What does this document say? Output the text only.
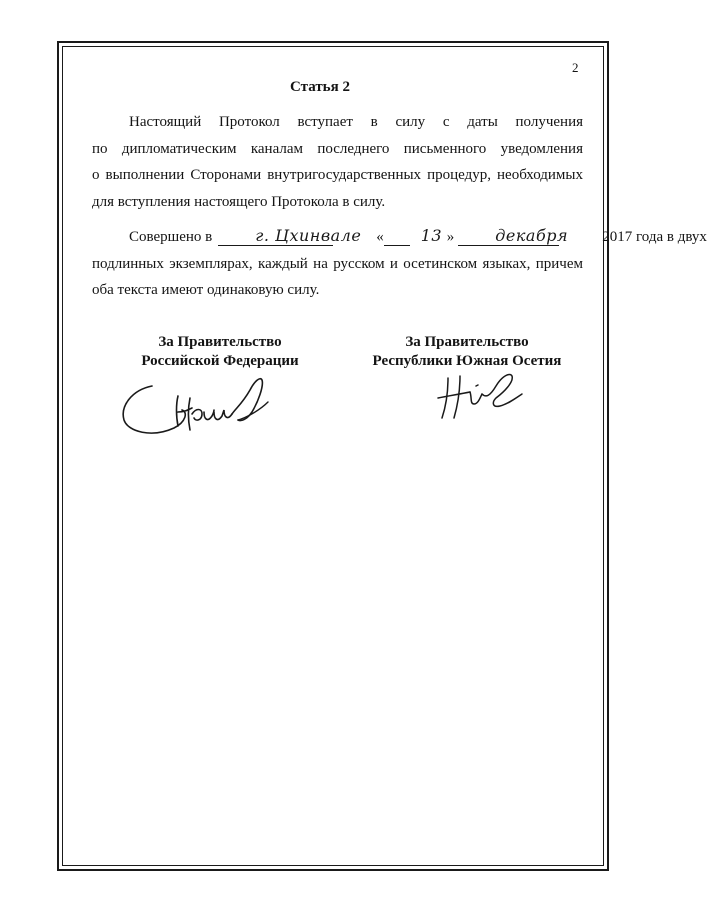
2
Статья 2
Настоящий Протокол вступает в силу с даты получения
по дипломатическим каналам последнего письменного уведомления
о выполнении Сторонами внутригосударственных процедур, необходимых
для вступления настоящего Протокола в силу.
Совершено в	г. Цхинвале «	13 »	декабря	2017 года в двух
подлинных экземплярах, каждый на русском и осетинском языках, причем
оба текста имеют одинаковую силу.
За Правительство
Российской Федерации
За Правительство
Республики Южная Осетия
